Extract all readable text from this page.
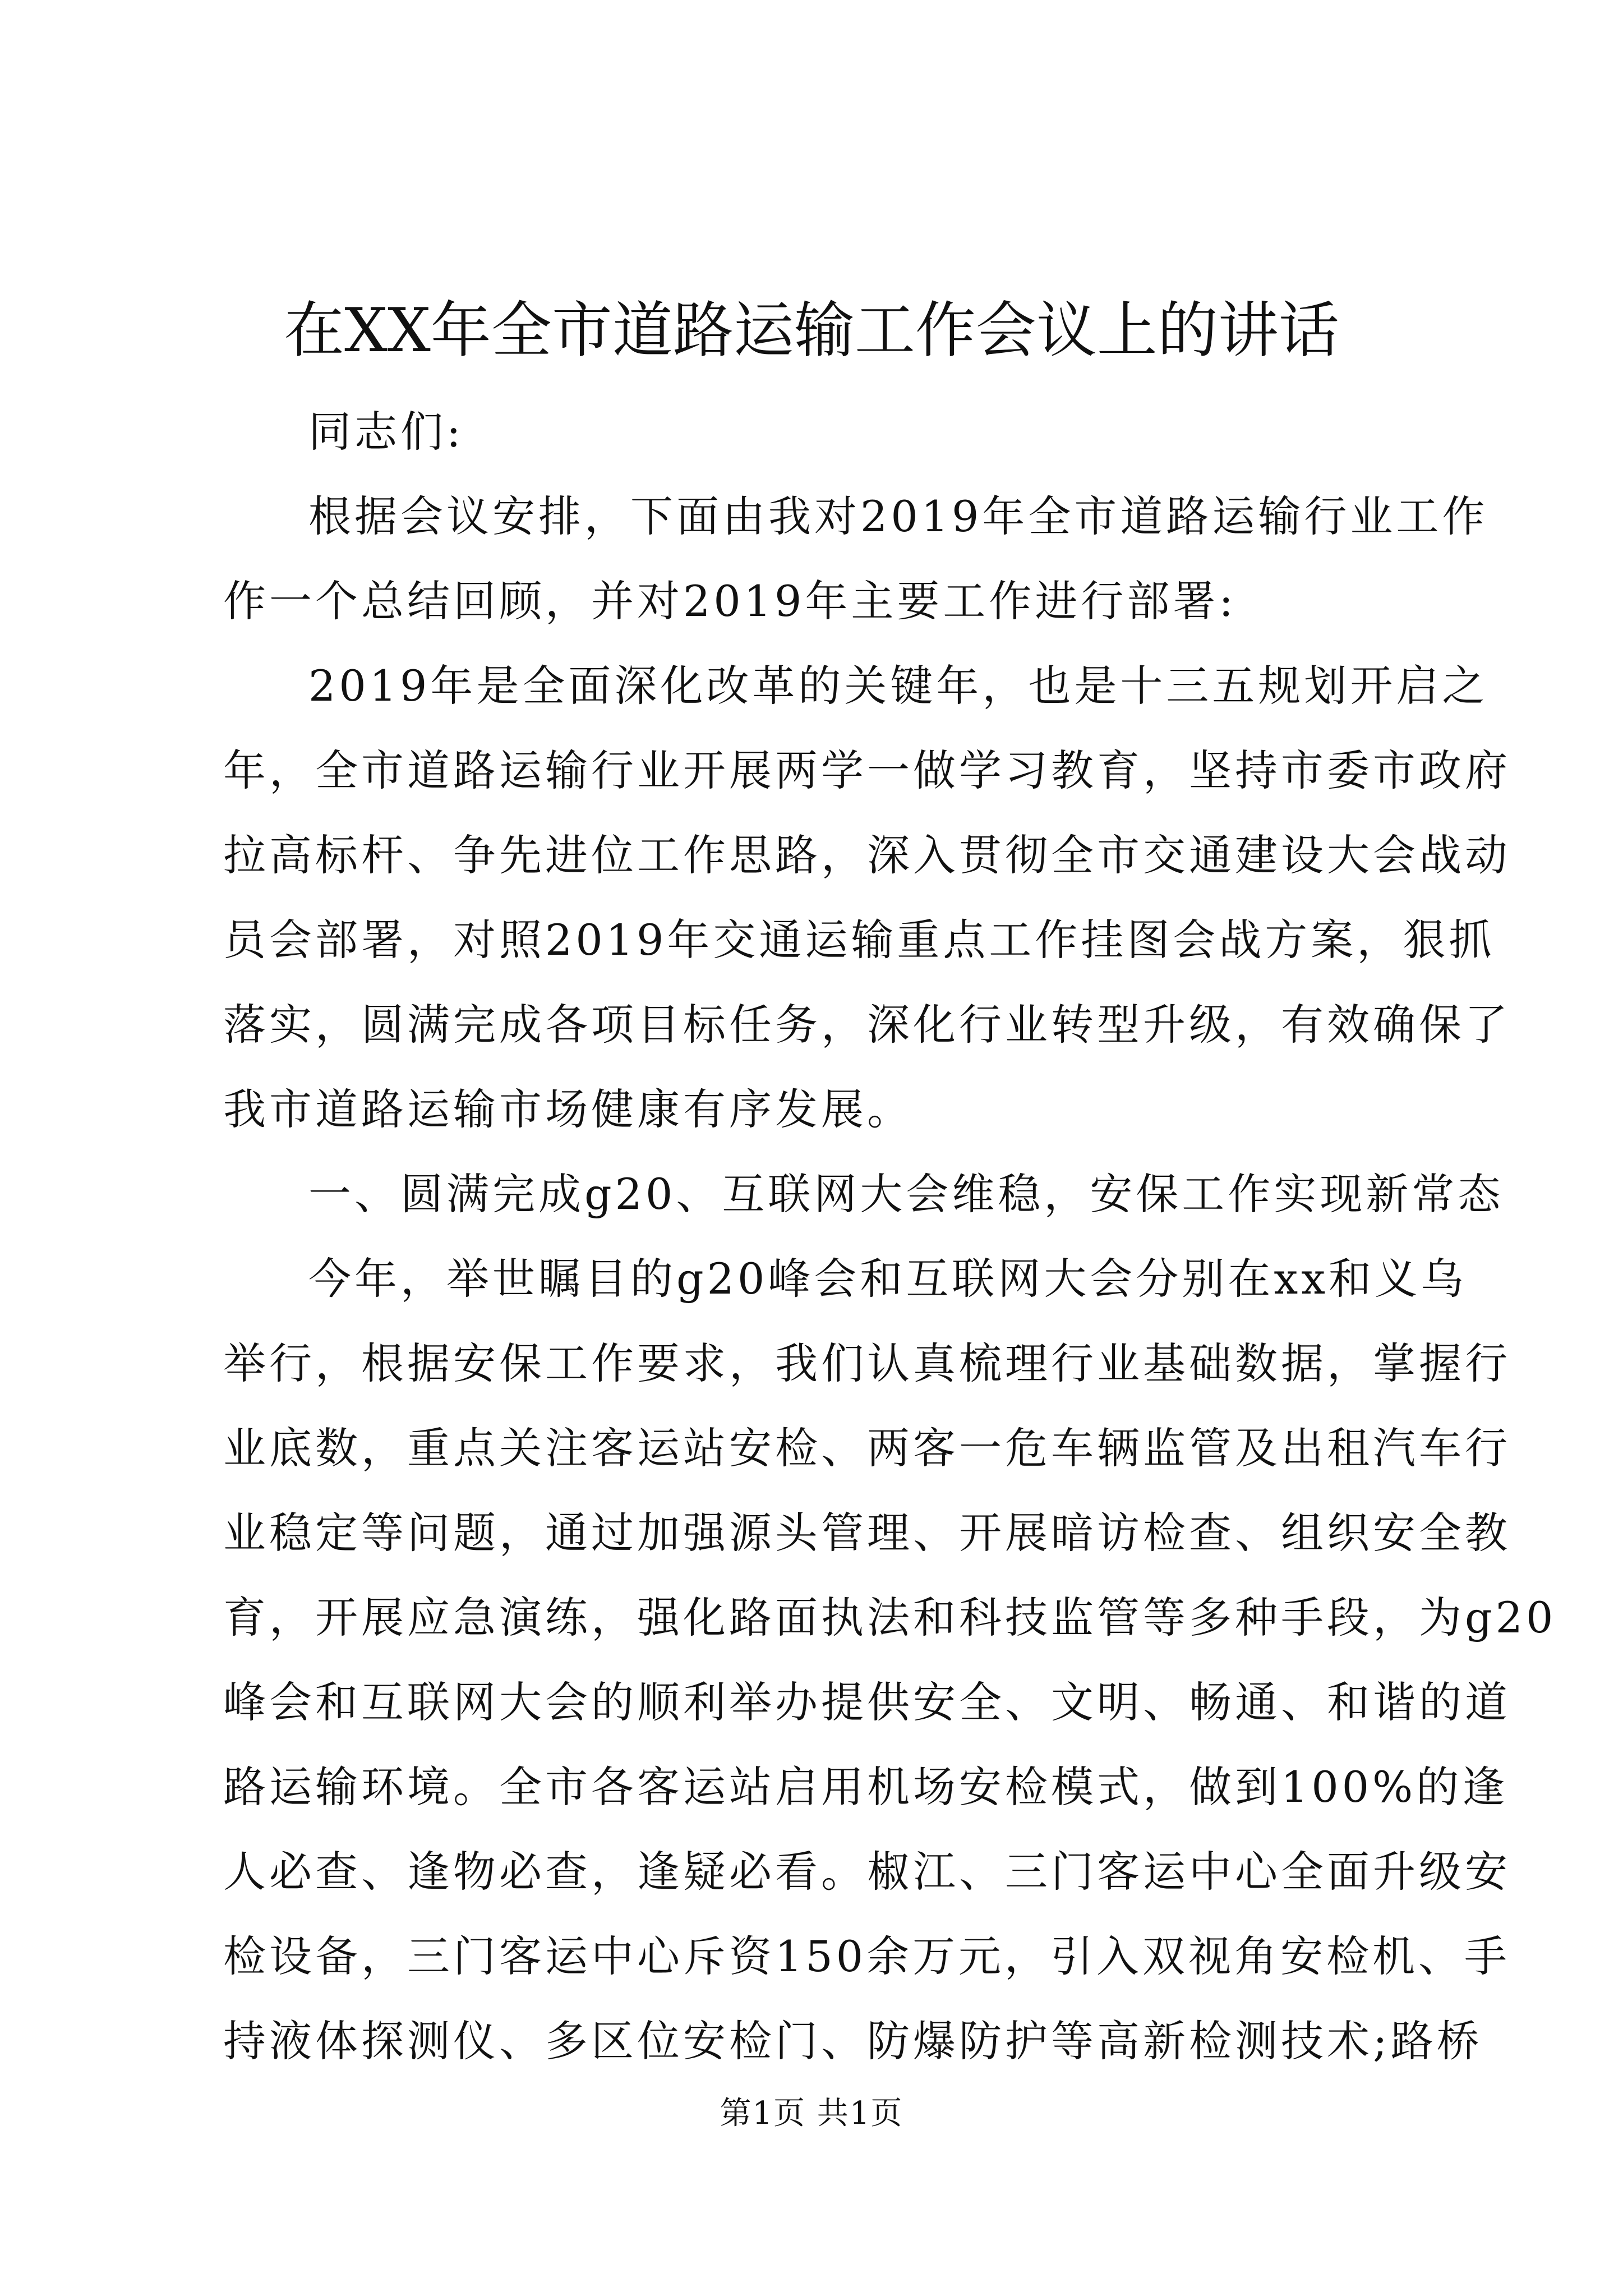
在XX年全市道路运输工作会议上的讲话

同志们:

根据会议安排，下面由我对2019年全市道路运输行业工作
作一个总结回顾，并对2019年主要工作进行部署:

2019年是全面深化改革的关键年，也是十三五规划开启之
年，全市道路运输行业开展两学一做学习教育，坚持市委市政府
拉高标杆、争先进位工作思路，深入贯彻全市交通建设大会战动
员会部署，对照2019年交通运输重点工作挂图会战方案，狠抓
落实，圆满完成各项目标任务，深化行业转型升级，有效确保了
我市道路运输市场健康有序发展。

一、圆满完成g20、互联网大会维稳，安保工作实现新常态

今年，举世瞩目的g20峰会和互联网大会分别在xx和义乌
举行，根据安保工作要求，我们认真梳理行业基础数据，掌握行
业底数，重点关注客运站安检、两客一危车辆监管及出租汽车行
业稳定等问题，通过加强源头管理、开展暗访检查、组织安全教
育，开展应急演练，强化路面执法和科技监管等多种手段，为g20
峰会和互联网大会的顺利举办提供安全、文明、畅通、和谐的道
路运输环境。全市各客运站启用机场安检模式，做到100%的逢
人必查、逢物必查，逢疑必看。椒江、三门客运中心全面升级安
检设备，三门客运中心斥资150余万元，引入双视角安检机、手
持液体探测仪、多区位安检门、防爆防护等高新检测技术;路桥

第1页 共1页
